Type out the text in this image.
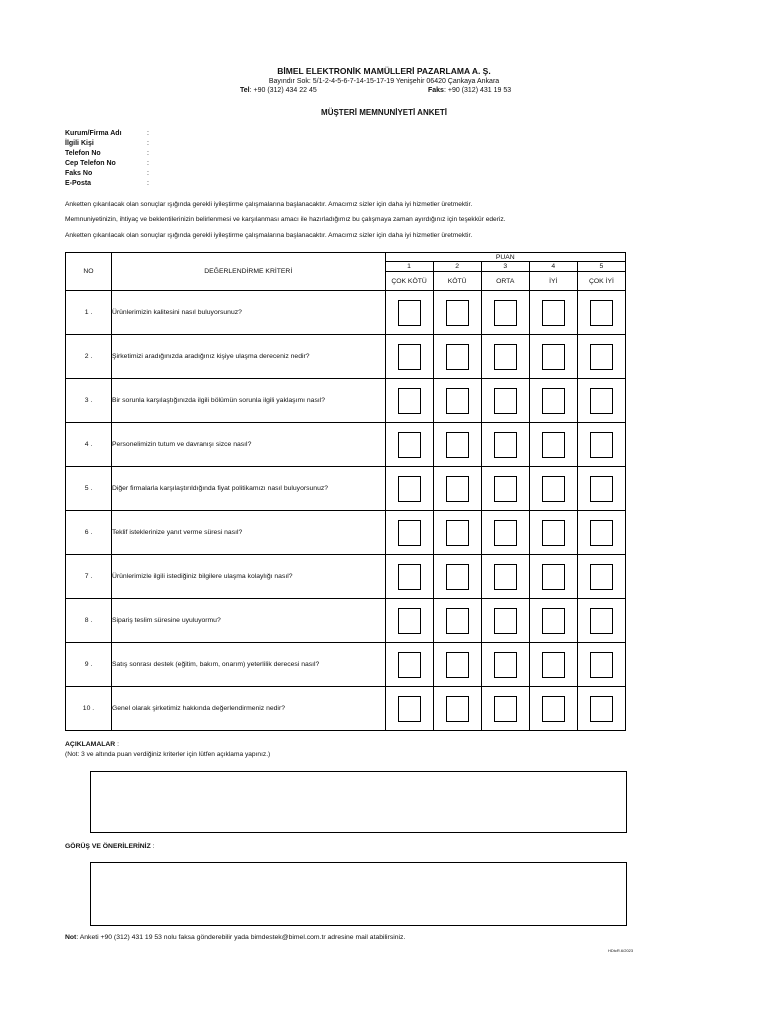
BİMEL ELEKTRONİK MAMÜLLERİ PAZARLAMA A. Ş.
Bayındır Sok: 5/1-2-4-5-6-7-14-15-17-19 Yenişehir 06420 Çankaya Ankara
Tel: +90 (312) 434 22 45	Faks: +90 (312) 431 19 53
MÜŞTERİ MEMNUNİYETİ ANKETİ
Kurum/Firma Adı	:
İlgili Kişi	:
Telefon No	:
Cep Telefon No	:
Faks No	:
E-Posta	:
Anketten çıkarılacak olan sonuçlar ışığında gerekli iyileştirme çalışmalarına başlanacaktır. Amacımız sizler için daha iyi hizmetler üretmektir.
Memnuniyetinizin, ihtiyaç ve beklentilerinizin belirlenmesi ve karşılanması amacı ile hazırladığımız bu çalışmaya zaman ayırdığınız için teşekkür ederiz.
Anketten çıkarılacak olan sonuçlar ışığında gerekli iyileştirme çalışmalarına başlanacaktır. Amacımız sizler için daha iyi hizmetler üretmektir.
NO	DEĞERLENDİRME KRİTERİ	PUAN				
		1	2	3	4	5
		ÇOK KÖTÜ	KÖTÜ	ORTA	İYİ	ÇOK İYİ
1 .	Ürünlerimizin kalitesini nasıl buluyorsunuz?	

2 .	Şirketimizi aradığınızda aradığınız kişiye ulaşma dereceniz nedir?	

3 .	Bir sorunla karşılaştığınızda ilgili bölümün sorunla ilgili yaklaşımı nasıl?	

4 .	Personelimizin tutum ve davranışı sizce nasıl?	

5 .	Diğer firmalarla karşılaştırıldığında fiyat politikamızı nasıl buluyorsunuz?	

6 .	Teklif isteklerinize yanıt verme süresi nasıl?	

7 .	Ürünlerimizle ilgili istediğiniz bilgilere ulaşma kolaylığı nasıl?	

8 .	Sipariş teslim süresine uyuluyormu?	

9 .	Satış sonrası destek (eğitim, bakım, onarım) yeterlilik derecesi nasıl?	

10 .	Genel olarak şirketimiz hakkında değerlendirmeniz nedir?	

AÇIKLAMALAR :
(Not: 3 ve altında puan verdiğiniz kriterler için lütfen açıklama yapınız.)
GÖRÜŞ VE ÖNERİLERİNİZ :
Not: Anketi +90 (312) 431 19 53 nolu faksa gönderebilir yada bimdestek@bimel.com.tr adresine mail atabilirsiniz.
HDtcR.6/2023
